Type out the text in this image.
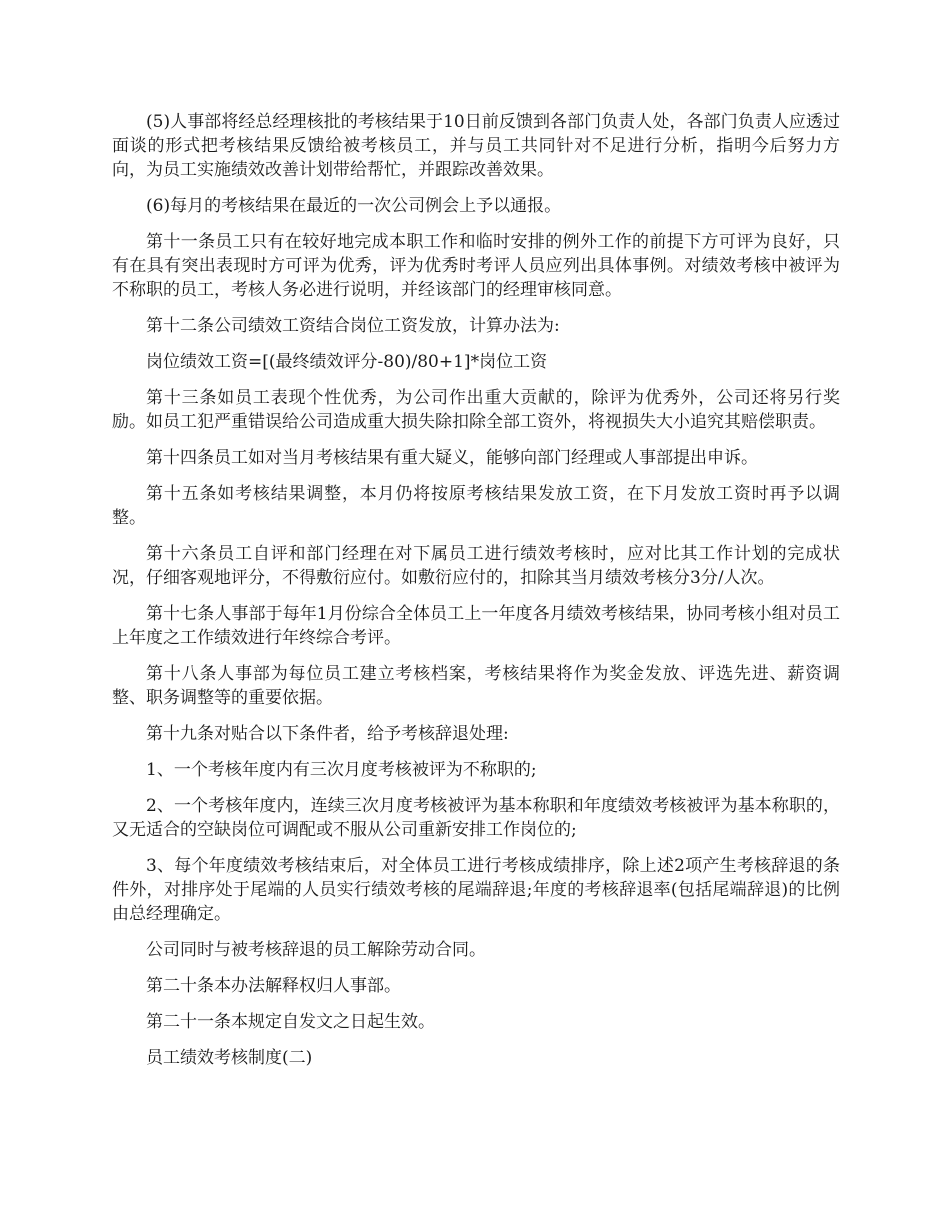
(5)人事部将经总经理核批的考核结果于10日前反馈到各部门负责人处，各部门负责人应透过面谈的形式把考核结果反馈给被考核员工，并与员工共同针对不足进行分析，指明今后努力方向，为员工实施绩效改善计划带给帮忙，并跟踪改善效果。

(6)每月的考核结果在最近的一次公司例会上予以通报。

第十一条员工只有在较好地完成本职工作和临时安排的例外工作的前提下方可评为良好，只有在具有突出表现时方可评为优秀，评为优秀时考评人员应列出具体事例。对绩效考核中被评为不称职的员工，考核人务必进行说明，并经该部门的经理审核同意。

第十二条公司绩效工资结合岗位工资发放，计算办法为:

岗位绩效工资=[(最终绩效评分-80)/80+1]*岗位工资

第十三条如员工表现个性优秀，为公司作出重大贡献的，除评为优秀外，公司还将另行奖励。如员工犯严重错误给公司造成重大损失除扣除全部工资外，将视损失大小追究其赔偿职责。

第十四条员工如对当月考核结果有重大疑义，能够向部门经理或人事部提出申诉。

第十五条如考核结果调整，本月仍将按原考核结果发放工资，在下月发放工资时再予以调整。

第十六条员工自评和部门经理在对下属员工进行绩效考核时，应对比其工作计划的完成状况，仔细客观地评分，不得敷衍应付。如敷衍应付的，扣除其当月绩效考核分3分/人次。

第十七条人事部于每年1月份综合全体员工上一年度各月绩效考核结果，协同考核小组对员工上年度之工作绩效进行年终综合考评。

第十八条人事部为每位员工建立考核档案，考核结果将作为奖金发放、评选先进、薪资调整、职务调整等的重要依据。

第十九条对贴合以下条件者，给予考核辞退处理:

1、一个考核年度内有三次月度考核被评为不称职的;

2、一个考核年度内，连续三次月度考核被评为基本称职和年度绩效考核被评为基本称职的，又无适合的空缺岗位可调配或不服从公司重新安排工作岗位的;

3、每个年度绩效考核结束后，对全体员工进行考核成绩排序，除上述2项产生考核辞退的条件外，对排序处于尾端的人员实行绩效考核的尾端辞退;年度的考核辞退率(包括尾端辞退)的比例由总经理确定。

公司同时与被考核辞退的员工解除劳动合同。

第二十条本办法解释权归人事部。

第二十一条本规定自发文之日起生效。

员工绩效考核制度(二)
